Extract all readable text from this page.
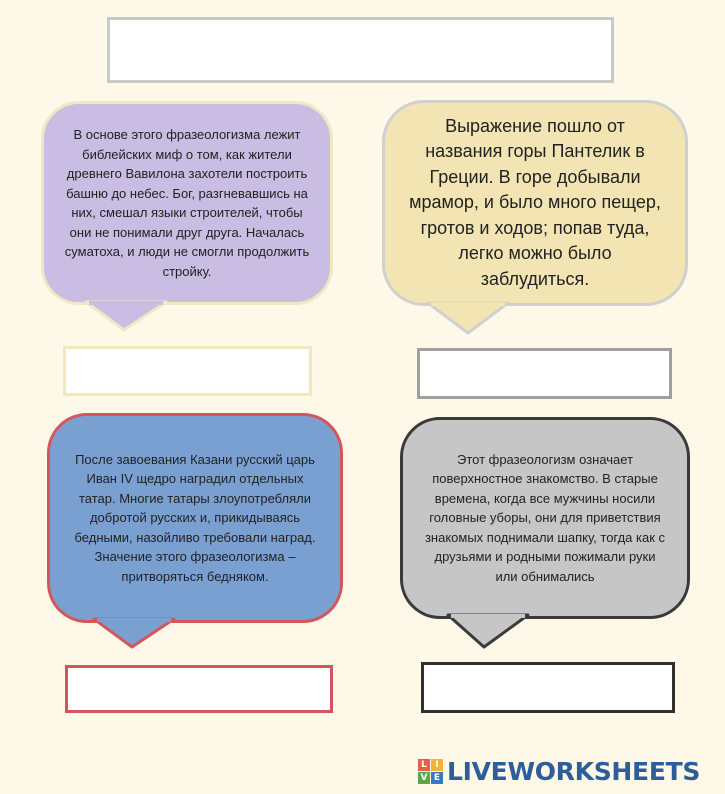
В основе этого фразеологизма лежит библейских миф о том, как жители древнего Вавилона захотели построить башню до небес. Бог, разгневавшись на них, смешал языки строителей, чтобы они не понимали друг друга. Началась суматоха, и люди не смогли продолжить стройку.
Выражение пошло от названия горы Пантелик в Греции. В горе добывали мрамор, и было много пещер, гротов и ходов; попав туда, легко можно было заблудиться.
После завоевания Казани русский царь Иван IV щедро наградил отдельных татар. Многие татары злоупотребляли добротой русских и, прикидываясь бедными, назойливо требовали наград. Значение этого фразеологизма – притворяться бедняком.
Этот фразеологизм означает поверхностное знакомство. В старые времена, когда все мужчины носили головные уборы, они для приветствия знакомых поднимали шапку, тогда как с друзьями и родными пожимали руки или обнимались
L I
V E LIVEWORKSHEETS
